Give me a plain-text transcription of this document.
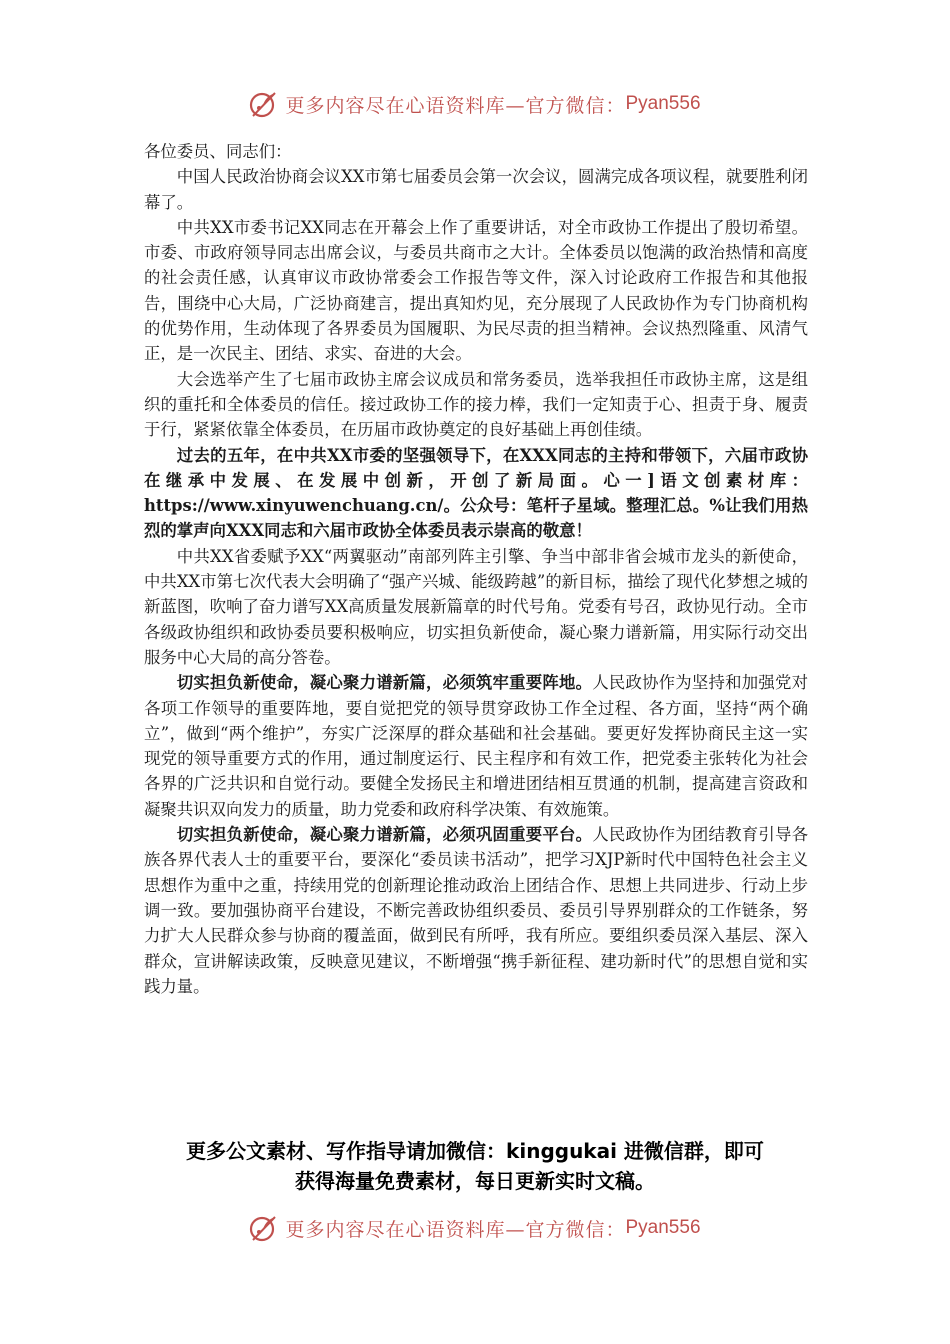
更多内容尽在心语资料库—官方微信： Pyan556

各位委员、同志们：

中国人民政治协商会议XX市第七届委员会第一次会议，圆满完成各项议程，就要胜利闭幕了。

中共XX市委书记XX同志在开幕会上作了重要讲话，对全市政协工作提出了殷切希望。市委、市政府领导同志出席会议，与委员共商市之大计。全体委员以饱满的政治热情和高度的社会责任感，认真审议市政协常委会工作报告等文件，深入讨论政府工作报告和其他报告，围绕中心大局，广泛协商建言，提出真知灼见，充分展现了人民政协作为专门协商机构的优势作用，生动体现了各界委员为国履职、为民尽责的担当精神。会议热烈隆重、风清气正，是一次民主、团结、求实、奋进的大会。

大会选举产生了七届市政协主席会议成员和常务委员，选举我担任市政协主席，这是组织的重托和全体委员的信任。接过政协工作的接力棒，我们一定知责于心、担责于身、履责于行，紧紧依靠全体委员，在历届市政协奠定的良好基础上再创佳绩。

过去的五年，在中共XX市委的坚强领导下，在XXX同志的主持和带领下，六届市政协在继承中发展、在发展中创新，开创了新局面。心一]语文创素材库：https://www.xinyuwenchuang.cn/。公众号：笔杆子星域。整理汇总。%让我们用热烈的掌声向XXX同志和六届市政协全体委员表示崇高的敬意！

中共XX省委赋予XX“两翼驱动”南部列阵主引擎、争当中部非省会城市龙头的新使命，中共XX市第七次代表大会明确了“强产兴城、能级跨越”的新目标，描绘了现代化梦想之城的新蓝图，吹响了奋力谱写XX高质量发展新篇章的时代号角。党委有号召，政协见行动。全市各级政协组织和政协委员要积极响应，切实担负新使命，凝心聚力谱新篇，用实际行动交出服务中心大局的高分答卷。

切实担负新使命，凝心聚力谱新篇，必须筑牢重要阵地。人民政协作为坚持和加强党对各项工作领导的重要阵地，要自觉把党的领导贯穿政协工作全过程、各方面，坚持“两个确立”，做到“两个维护”，夯实广泛深厚的群众基础和社会基础。要更好发挥协商民主这一实现党的领导重要方式的作用，通过制度运行、民主程序和有效工作，把党委主张转化为社会各界的广泛共识和自觉行动。要健全发扬民主和增进团结相互贯通的机制，提高建言资政和凝聚共识双向发力的质量，助力党委和政府科学决策、有效施策。

切实担负新使命，凝心聚力谱新篇，必须巩固重要平台。人民政协作为团结教育引导各族各界代表人士的重要平台，要深化“委员读书活动”，把学习XJP新时代中国特色社会主义思想作为重中之重，持续用党的创新理论推动政治上团结合作、思想上共同进步、行动上步调一致。要加强协商平台建设，不断完善政协组织委员、委员引导界别群众的工作链条，努力扩大人民群众参与协商的覆盖面，做到民有所呼，我有所应。要组织委员深入基层、深入群众，宣讲解读政策，反映意见建议，不断增强“携手新征程、建功新时代”的思想自觉和实践力量。

更多公文素材、写作指导请加微信：kinggukai 进微信群，即可
获得海量免费素材，每日更新实时文稿。
更多内容尽在心语资料库—官方微信： Pyan556
